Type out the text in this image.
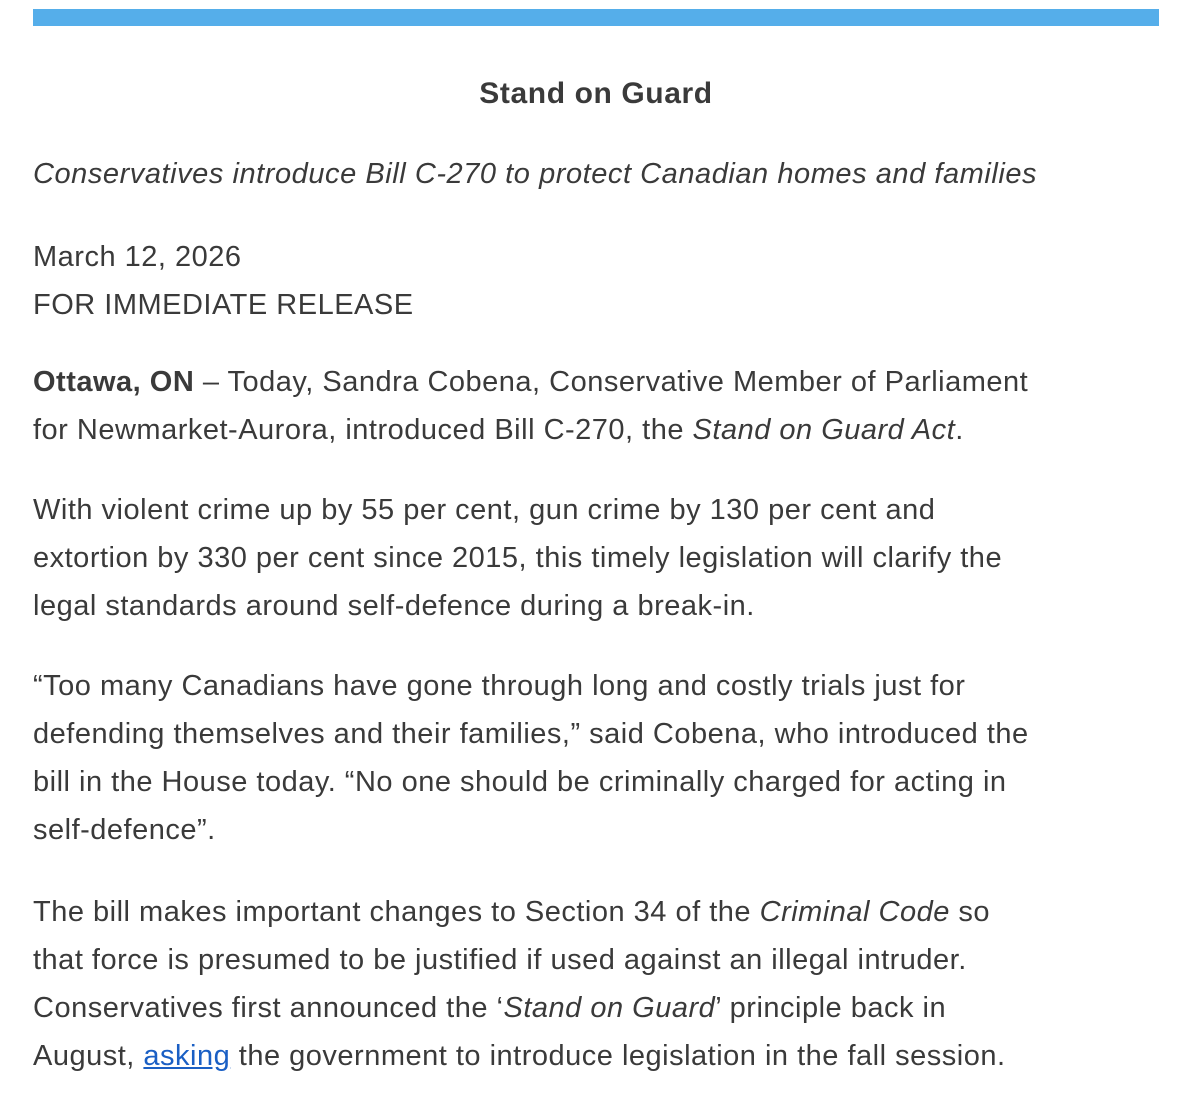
Stand on Guard

Conservatives introduce Bill C-270 to protect Canadian homes and families

March 12, 2026
FOR IMMEDIATE RELEASE

Ottawa, ON – Today, Sandra Cobena, Conservative Member of Parliament
for Newmarket-Aurora, introduced Bill C-270, the Stand on Guard Act.

With violent crime up by 55 per cent, gun crime by 130 per cent and
extortion by 330 per cent since 2015, this timely legislation will clarify the
legal standards around self-defence during a break-in.

“Too many Canadians have gone through long and costly trials just for
defending themselves and their families,” said Cobena, who introduced the
bill in the House today. “No one should be criminally charged for acting in
self-defence”.

The bill makes important changes to Section 34 of the Criminal Code so
that force is presumed to be justified if used against an illegal intruder.
Conservatives first announced the ‘Stand on Guard’ principle back in
August, asking the government to introduce legislation in the fall session.
